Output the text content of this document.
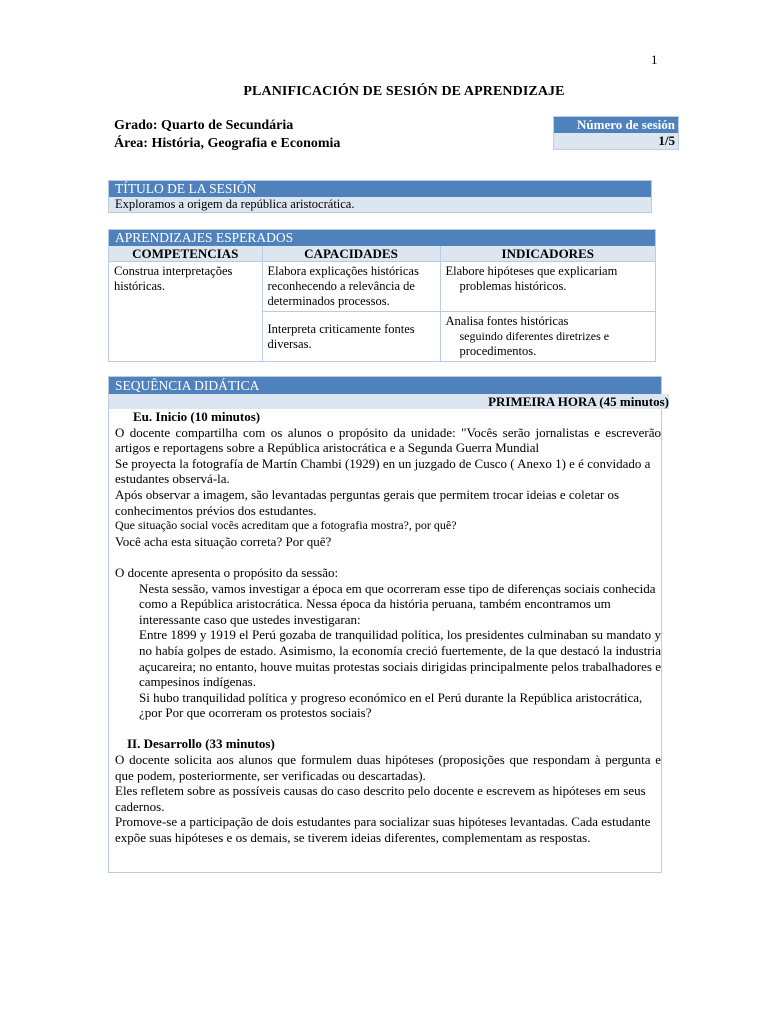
1
PLANIFICACIÓN DE SESIÓN DE APRENDIZAJE
Grado: Quarto de Secundária
Área: História, Geografia e Economia
Número de sesión
1/5
TÍTULO DE LA SESIÓN
Exploramos a origem da república aristocrática.
APRENDIZAJES ESPERADOS
COMPETENCIAS	CAPACIDADES	INDICADORES
Construa interpretações históricas.	Elabora explicações históricas reconhecendo a relevância de determinados processos.	Elabore hipóteses que explicariam
problemas históricos.

	Interpreta criticamente fontes diversas.	Analisa fontes históricas
seguindo diferentes diretrizes e
procedimentos.
SEQUÊNCIA DIDÁTICA
PRIMEIRA HORA (45 minutos)

Eu. Inicio (10 minutos)

O docente compartilha com os alunos o propósito da unidade: "Vocês serão jornalistas e escreverão artigos e reportagens sobre a República aristocrática e a Segunda Guerra Mundial

Se proyecta la fotografía de Martín Chambi (1929) en un juzgado de Cusco ( Anexo 1) e é convidado a estudantes observá-la.

Após observar a imagem, são levantadas perguntas gerais que permitem trocar ideias e coletar os conhecimentos prévios dos estudantes.

Que situação social vocês acreditam que a fotografia mostra?, por quê?

Você acha esta situação correta? Por quê?

O docente apresenta o propósito da sessão:

Nesta sessão, vamos investigar a época em que ocorreram esse tipo de diferenças sociais conhecida como a República aristocrática. Nessa época da história peruana, também encontramos um interessante caso que ustedes investigaran:

Entre 1899 y 1919 el Perú gozaba de tranquilidad política, los presidentes culminaban su mandato y no había golpes de estado. Asimismo, la economía creció fuertemente, de la que destacó la industria açucareira; no entanto, houve muitas protestas sociais dirigidas principalmente pelos trabalhadores e campesinos indígenas.

Si hubo tranquilidad política y progreso económico en el Perú durante la República aristocrática, ¿por Por que ocorreram os protestos sociais?

II. Desarrollo (33 minutos)

O docente solicita aos alunos que formulem duas hipóteses (proposições que respondam à pergunta e que podem, posteriormente, ser verificadas ou descartadas).

Eles refletem sobre as possíveis causas do caso descrito pelo docente e escrevem as hipóteses em seus cadernos.

Promove-se a participação de dois estudantes para socializar suas hipóteses levantadas. Cada estudante expõe suas hipóteses e os demais, se tiverem ideias diferentes, complementam as respostas.
